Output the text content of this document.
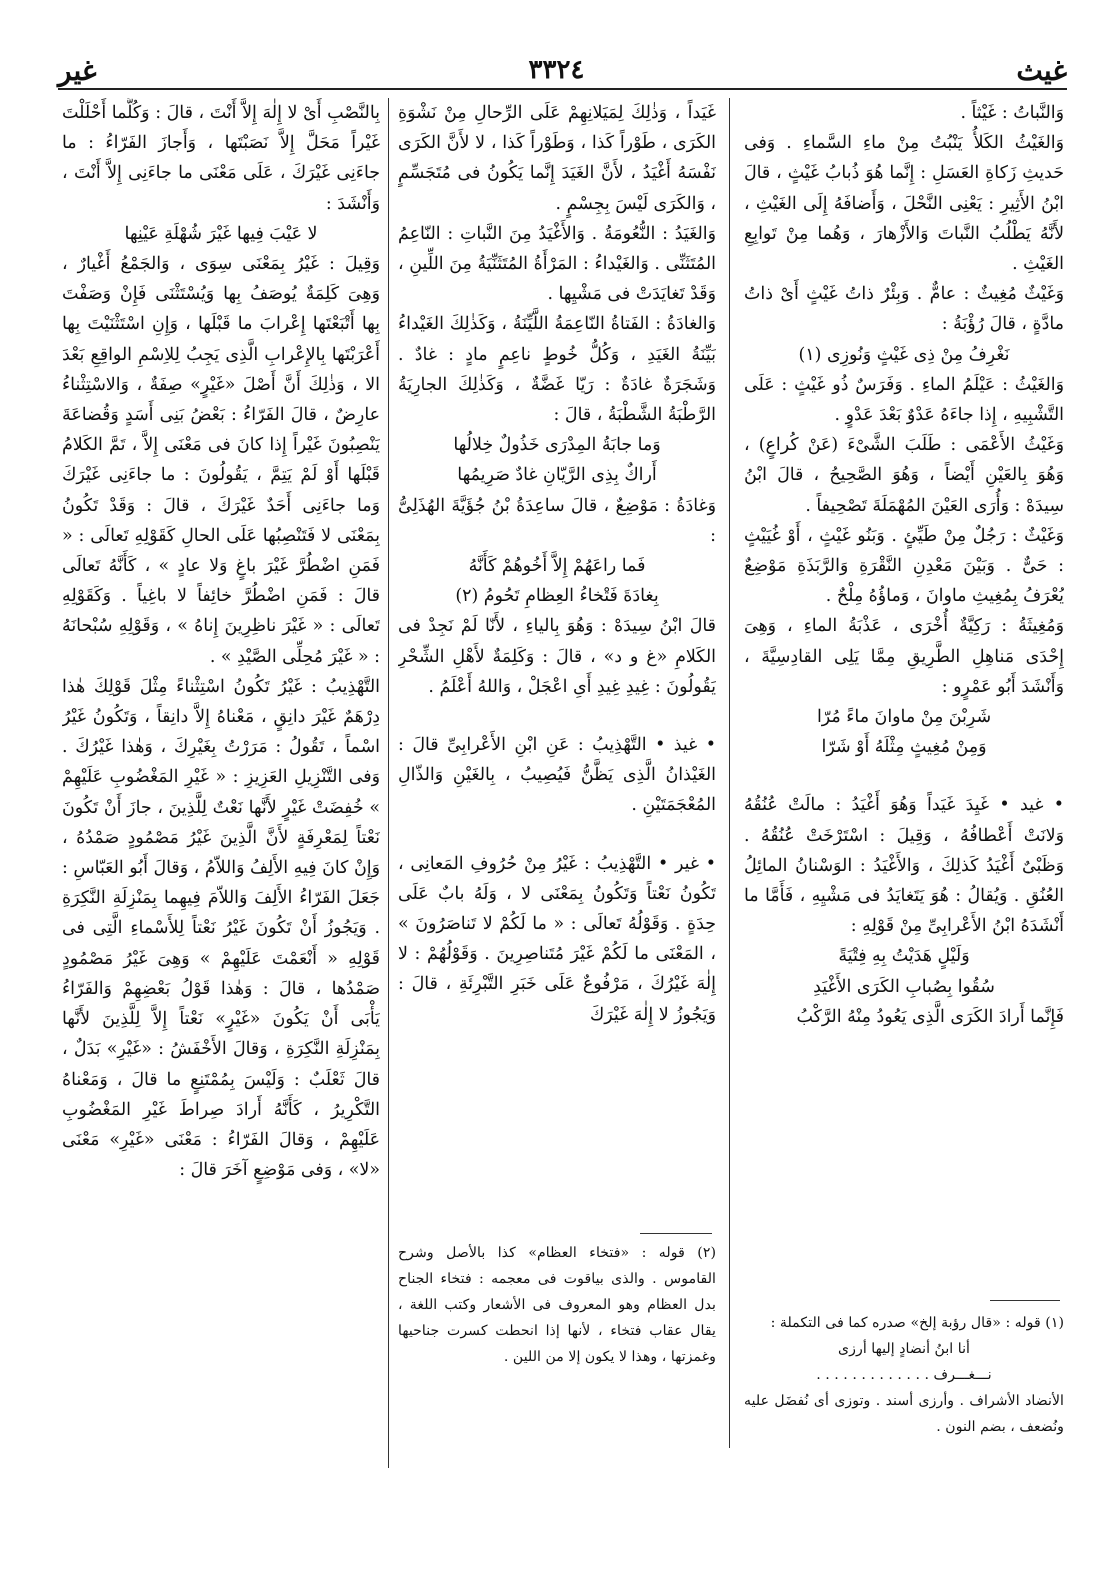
غيث
٣٣٢٤
غير

وَالنَّباتُ : غَيْثاً .

وَالغَيْثُ الكَلأُ يَنْبُتُ مِنْ ماءِ السَّماءِ . وَفى حَديثِ زَكاةِ العَسَلِ : إِنَّما هُوَ ذُبابُ غَيْثٍ ، قالَ ابْنُ الأَثِيرِ : يَعْنِى النَّحْلَ ، وَأَضافَهُ إِلَى الغَيْثِ ، لأَنَّهُ يَطْلُبُ النَّباتَ وَالأَزْهارَ ، وَهُما مِنْ تَوابِعِ الغَيْثِ .

وَغَيْثٌ مُغِيثٌ : عامٌّ . وَبِئْرٌ ذاتُ غَيْثٍ أَىْ ذاتُ مادَّةٍ ، قالَ رُؤْبَةُ :

نَغْرِفُ مِنْ ذِى غَيْثٍ وَنُوزِى (١)

وَالغَيْثُ : عَيْلَمُ الماءِ . وَفَرَسٌ ذُو غَيْثٍ : عَلَى التَّشْبِيهِ ، إِذا جاءَهُ عَدْوٌ بَعْدَ عَدْوٍ .

وَغَيْثُ الأَعْمَى : طَلَبَ الشَّىْءَ (عَنْ كُراعٍ) ، وَهُوَ بِالعَيْنِ أَيْضاً ، وَهُوَ الصَّحِيحُ ، قالَ ابْنُ سِيدَهْ : وَأُرَى العَيْنَ المُهْمَلَةَ تَصْحِيفاً .

وَغَيْثٌ : رَجُلٌ مِنْ طَيِّئٍ . وَبَنُو غَيْثٍ ، أَوْ غُيَيْثٍ : حَىٌّ . وَبَيْنَ مَعْدِنِ النَّقْرَةِ وَالرَّبَذَةِ مَوْضِعٌ يُعْرَفُ بِمُغِيثِ ماوانَ ، وَماؤُهُ مِلْحٌ .

وَمُغِيثَةُ : رَكِيَّةٌ أُخْرَى ، عَذْبَةُ الماءِ ، وَهِىَ إِحْدَى مَناهِلِ الطَّرِيقِ مِمَّا يَلِى القادِسِيَّةَ ، وَأَنْشَدَ أَبُو عَمْرٍو :

شَرِبْنَ مِنْ ماوانَ ماءً مُرّا

وَمِنْ مُغِيثٍ مِثْلَهُ أَوْ شَرّا

• غيد • غَيِدَ غَيَداً وَهُوَ أَغْيَدُ : مالَتْ عُنُقُهُ وَلانَتْ أَعْطافُهُ ، وَقِيلَ : اسْتَرْخَتْ عُنُقُهُ . وَظَبْىٌ أَغْيَدُ كَذلِكَ ، وَالأَغْيَدُ : الوَسْنانُ المائِلُ العُنُقِ . وَيُقالُ : هُوَ يَتَغايَدُ فى مَشْيِهِ ، فَأَمَّا ما أَنْشَدَهُ ابْنُ الأَعْرابِىِّ مِنْ قَوْلِهِ :

وَلَيْلٍ هَدَيْتُ بِهِ فِتْيَةً

سُقُوا بِصُبابِ الكَرَى الأَغْيَدِ

فَإِنَّما أَرادَ الكَرَى الَّذِى يَعُودُ مِنْهُ الرَّكْبُ

غَيَداً ، وَذٰلِكَ لِمَيَلانِهِمْ عَلَى الرِّحالِ مِنْ نَشْوَةِ الكَرَى ، طَوْراً كَذا ، وَطَوْراً كَذا ، لا لأَنَّ الكَرَى نَفْسَهُ أَغْيَدُ ، لأَنَّ الغَيَدَ إِنَّما يَكُونُ فى مُتَجَسِّمٍ ، وَالكَرَى لَيْسَ بِجِسْمٍ .

وَالغَيَدُ : النُّعُومَةُ . وَالأَغْيَدُ مِنَ النَّباتِ : النّاعِمُ المُتَثَنِّى . وَالغَيْداءُ : المَرْأَةُ المُتَثَنِّيَةُ مِنَ اللِّينِ ، وَقَدْ تَغايَدَتْ فى مَشْيِها .

وَالغادَةُ : الفَتاةُ النّاعِمَةُ اللَّيِّنَةُ ، وَكَذٰلِكَ الغَيْداءُ بَيِّنَةُ الغَيَدِ ، وَكُلُّ خُوطٍ ناعِمٍ مادٍ : غادٌ . وَشَجَرَةٌ غادَةٌ : رَيّا غَضَّةٌ ، وَكَذٰلِكَ الجارِيَةُ الرَّطْبَةُ الشَّطْبَةُ ، قالَ :

وَما جابَةُ المِدْرَى خَذُولٌ خِلالُها

أَراكٌ بِذِى الرَّيّانِ غادٌ صَرِيمُها

وَغادَةُ : مَوْضِعٌ ، قالَ ساعِدَةُ بْنُ جُؤَيَّةَ الهُذَلِىُّ :

فَما راعَهُمْ إِلاَّ أَخُوهُمْ كَأَنَّهُ

بِغادَةَ فَتْخاءُ العِظامِ تَحُومُ (٢)

قالَ ابْنُ سِيدَهْ : وَهُوَ بِالياءِ ، لأَنّا لَمْ نَجِدْ فى الكَلامِ «غ و د» ، قالَ : وَكَلِمَةٌ لأَهْلِ الشِّحْرِ يَقُولُونَ : غِيدِ غِيدِ أَىِ اعْجَلْ ، وَاللهُ أَعْلَمُ .

• غيذ • التَّهْذِيبُ : عَنِ ابْنِ الأَعْرابِىِّ قالَ : الغَيْذانُ الَّذِى يَظَّنُّ فَيُصِيبُ ، بِالغَيْنِ وَالذّالِ المُعْجَمَتَيْنِ .

• غير • التَّهْذِيبُ : غَيْرُ مِنْ حُرُوفِ المَعانِى ، تَكُونُ نَعْتاً وَتَكُونُ بِمَعْنَى لا ، وَلَهُ بابٌ عَلَى حِدَةٍ . وَقَوْلُهُ تَعالَى : « ما لَكُمْ لا تَناصَرُونَ » ، المَعْنَى ما لَكُمْ غَيْرَ مُتَناصِرِينَ . وَقَوْلُهُمْ : لا إِلٰهَ غَيْرُكَ ، مَرْفُوعٌ عَلَى خَبَرِ التَّبْرِئَةِ ، قالَ : وَيَجُوزُ لا إِلٰهَ غَيْرَكَ

بِالنَّصْبِ أَىْ لا إِلٰهَ إِلاَّ أَنْتَ ، قالَ : وَكُلَّما أَحْلَلْتَ غَيْراً مَحَلَّ إِلاَّ نَصَبْتَها ، وَأَجازَ الفَرّاءُ : ما جاءَنِى غَيْرَكَ ، عَلَى مَعْنَى ما جاءَنِى إِلاَّ أَنْتَ ، وَأَنْشَدَ :

لا عَيْبَ فِيها غَيْرَ شُهْلَةِ عَيْنِها

وَقِيلَ : غَيْرُ بِمَعْنَى سِوَى ، وَالجَمْعُ أَغْيارٌ ، وَهِىَ كَلِمَةٌ يُوصَفُ بِها وَيُسْتَثْنَى فَإِنْ وَصَفْتَ بِها أَتْبَعْتَها إِعْرابَ ما قَبْلَها ، وَإِنِ اسْتَثْنَيْتَ بِها أَعْرَبْتَها بِالإِعْرابِ الَّذِى يَجِبُ لِلاِسْمِ الواقِعِ بَعْدَ الا ، وَذٰلِكَ أَنَّ أَصْلَ «غَيْرٍ» صِفَةٌ ، وَالاسْتِثْناءُ عارِضٌ ، قالَ الفَرّاءُ : بَعْضُ بَنِى أَسَدٍ وَقُضاعَةَ يَنْصِبُونَ غَيْراً إِذا كانَ فى مَعْنَى إِلاَّ ، تَمَّ الكَلامُ قَبْلَها أَوْ لَمْ يَتِمَّ ، يَقُولُونَ : ما جاءَنِى غَيْرَكَ وَما جاءَنِى أَحَدٌ غَيْرَكَ ، قالَ : وَقَدْ تَكُونُ بِمَعْنَى لا فَتَنْصِبُها عَلَى الحالِ كَقَوْلِهِ تَعالَى : « فَمَنِ اضْطُرَّ غَيْرَ باغٍ وَلا عادٍ » ، كَأَنَّهُ تَعالَى قالَ : فَمَنِ اضْطُرَّ خائِفاً لا باغِياً . وَكَقَوْلِهِ تَعالَى : « غَيْرَ ناظِرِينَ إِناهُ » ، وَقَوْلِهِ سُبْحانَهُ : « غَيْرَ مُحِلِّى الصَّيْدِ » .

التَّهْذِيبُ : غَيْرُ تَكُونُ اسْتِثْناءً مِثْلَ قَوْلِكَ هٰذا دِرْهَمٌ غَيْرَ دانِقٍ ، مَعْناهُ إِلاَّ دانِقاً ، وَتَكُونُ غَيْرُ اسْماً ، تَقُولُ : مَرَرْتُ بِغَيْرِكَ ، وَهٰذا غَيْرُكَ . وَفى التَّنْزِيلِ العَزِيزِ : « غَيْرِ المَغْضُوبِ عَلَيْهِمْ » خُفِضَتْ غَيْرٍ لأَنَّها نَعْتٌ لِلَّذِينَ ، جازَ أَنْ تَكُونَ نَعْتاً لِمَعْرِفَةٍ لأَنَّ الَّذِينَ غَيْرُ مَصْمُودٍ صَمْدُهُ ، وَإِنْ كانَ فِيهِ الأَلِفُ وَاللاّمُ ، وَقالَ أَبُو العَبّاسِ : جَعَلَ الفَرّاءُ الأَلِفَ وَاللاّمَ فِيهِما بِمَنْزِلَةِ النَّكِرَةِ . وَيَجُوزُ أَنْ تَكُونَ غَيْرُ نَعْتاً لِلأَسْماءِ الَّتِى فى قَوْلِهِ « أَنْعَمْتَ عَلَيْهِمْ » وَهِىَ غَيْرُ مَصْمُودٍ صَمْدُها ، قالَ : وَهٰذا قَوْلُ بَعْضِهِمْ وَالفَرّاءُ يَأْبَى أَنْ يَكُونَ «غَيْرٍ» نَعْتاً إِلاَّ لِلَّذِينَ لأَنَّها بِمَنْزِلَةِ النَّكِرَةِ ، وَقالَ الأَخْفَشُ : «غَيْرِ» بَدَلٌ ، قالَ ثَعْلَبٌ : وَلَيْسَ بِمُمْتَنِعٍ ما قالَ ، وَمَعْناهُ التَّكْرِيرُ ، كَأَنَّهُ أَرادَ صِراطَ غَيْرِ المَغْضُوبِ عَلَيْهِمْ ، وَقالَ الفَرّاءُ : مَعْنَى «غَيْرِ» مَعْنَى «لا» ، وَفى مَوْضِعٍ آخَرَ قالَ :

(١) قوله : «قال رؤبة إلخ» صدره كما فى التكملة :

أنا ابنُ أنضادٍ إليها أرزى

نـــغـــرف . . . . . . . . . . . . .

الأنضاد الأشراف . وأرزى أسند . وتوزى أى نُفضَل عليه ونُضعف ، بضم النون .

(٢) قوله : «فتخاء العظام» كذا بالأصل وشرح القاموس . والذى بياقوت فى معجمه : فتخاء الجناح بدل العظام وهو المعروف فى الأشعار وكتب اللغة ، يقال عقاب فتخاء ، لأنها إذا انحطت كسرت جناحيها وغمزتها ، وهذا لا يكون إلا من اللين .
